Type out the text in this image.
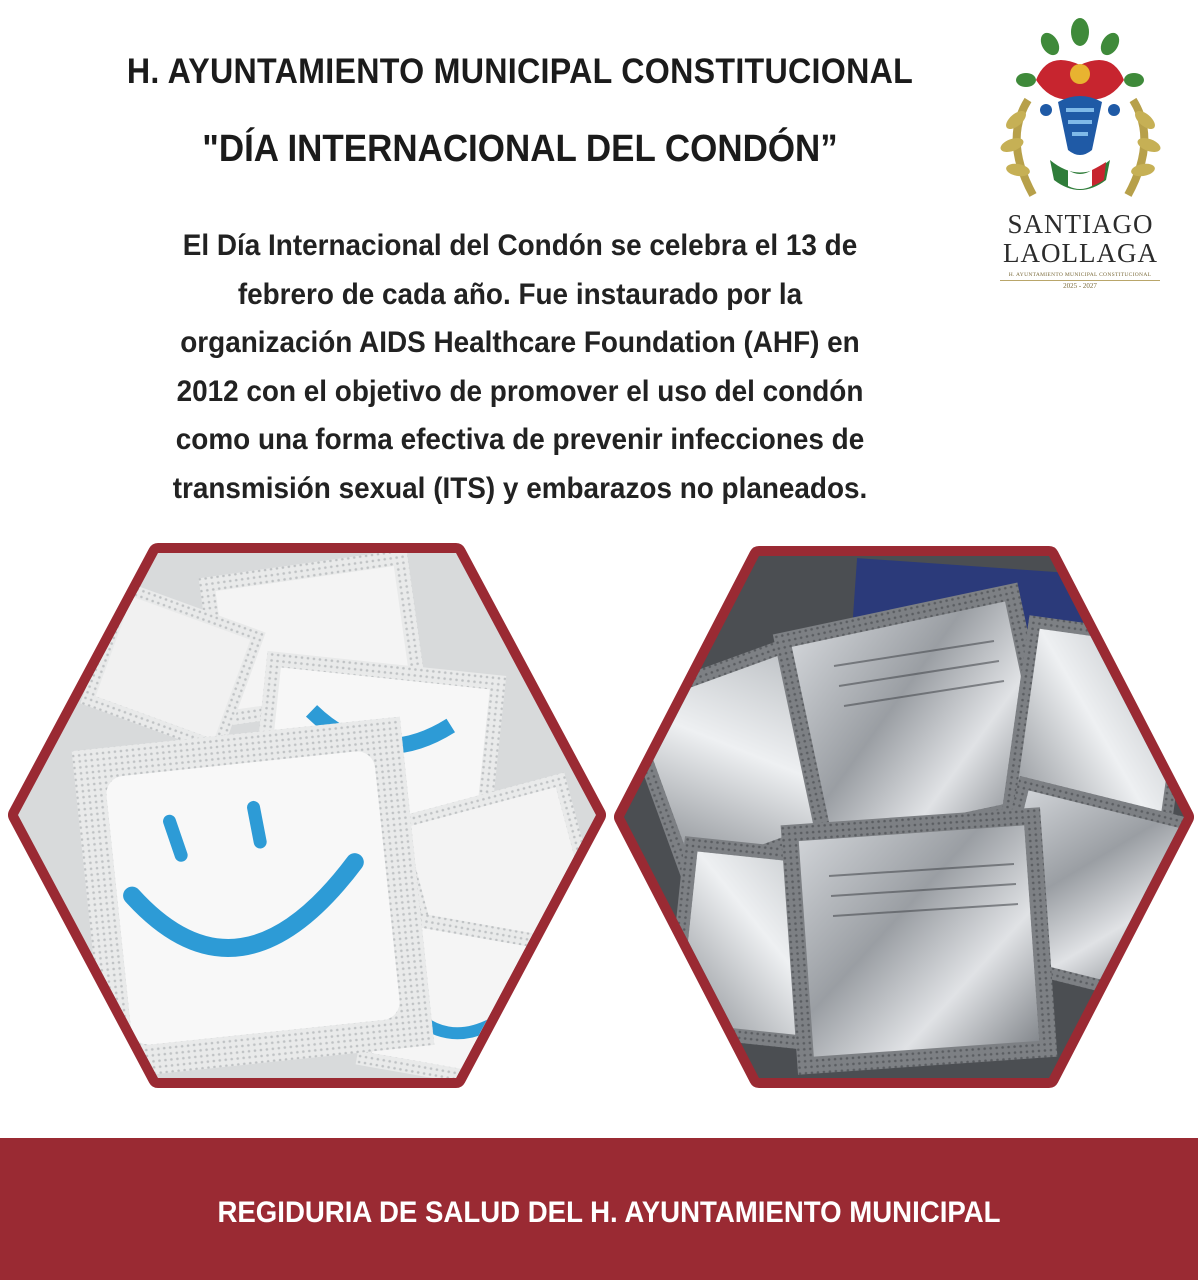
H. AYUNTAMIENTO MUNICIPAL CONSTITUCIONAL
"DÍA INTERNACIONAL DEL CONDÓN”

El Día Internacional del Condón se celebra el 13 de
febrero de cada año. Fue instaurado por la
organización AIDS Healthcare Foundation (AHF) en
2012 con el objetivo de promover el uso del condón
como una forma efectiva de prevenir infecciones de
transmisión sexual (ITS) y embarazos no planeados.

SANTIAGO
LAOLLAGA
H. AYUNTAMIENTO MUNICIPAL CONSTITUCIONAL
2025 - 2027
REGIDURIA DE SALUD DEL H. AYUNTAMIENTO MUNICIPAL
